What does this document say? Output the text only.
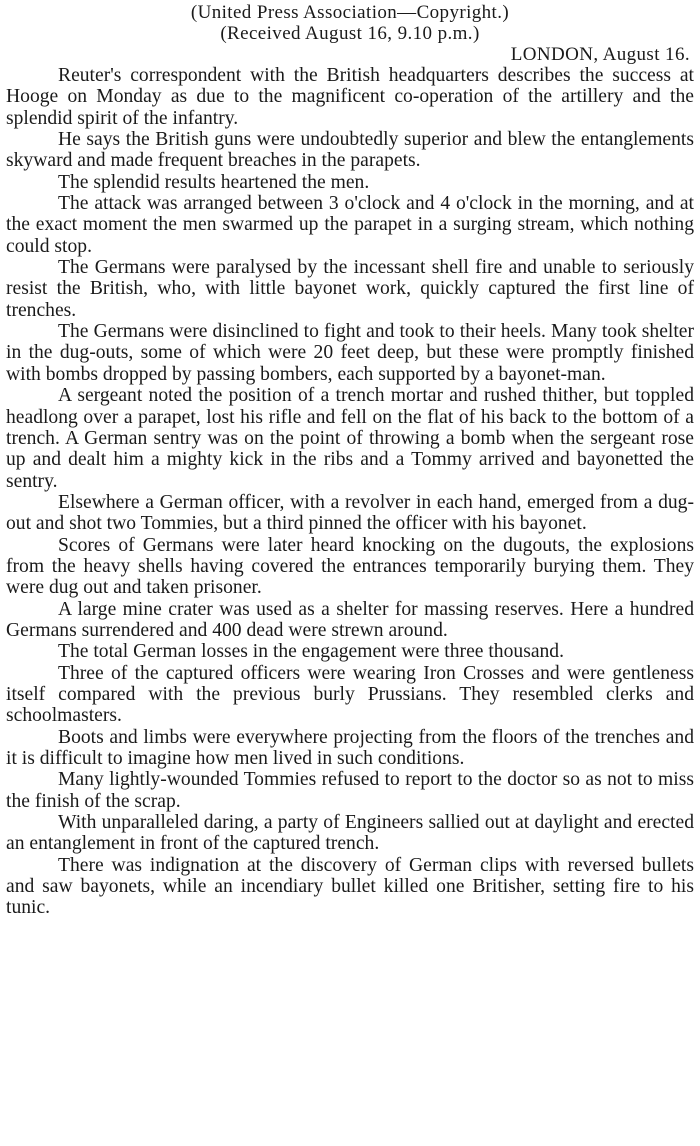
(United Press Association—Copyright.)

(Received August 16, 9.10 p.m.)

LONDON, August 16.

Reuter's correspondent with the British headquarters describes the success at Hooge on Monday as due to the magnificent co-operation of the artillery and the splendid spirit of the infantry.

He says the British guns were undoubtedly superior and blew the entanglements skyward and made frequent breaches in the parapets.

The splendid results heartened the men.

The attack was arranged between 3 o'clock and 4 o'clock in the morning, and at the exact moment the men swarmed up the parapet in a surging stream, which nothing could stop.

The Germans were paralysed by the incessant shell fire and unable to seriously resist the British, who, with little bayonet work, quickly captured the first line of trenches.

The Germans were disinclined to fight and took to their heels. Many took shelter in the dug-outs, some of which were 20 feet deep, but these were promptly finished with bombs dropped by passing bombers, each supported by a bayonet-man.

A sergeant noted the position of a trench mortar and rushed thither, but toppled headlong over a parapet, lost his rifle and fell on the flat of his back to the bottom of a trench. A German sentry was on the point of throwing a bomb when the sergeant rose up and dealt him a mighty kick in the ribs and a Tommy arrived and bayonetted the sentry.

Elsewhere a German officer, with a revolver in each hand, emerged from a dug-out and shot two Tommies, but a third pinned the officer with his bayonet.

Scores of Germans were later heard knocking on the dugouts, the explosions from the heavy shells having covered the entrances temporarily burying them. They were dug out and taken prisoner.

A large mine crater was used as a shelter for massing reserves. Here a hundred Germans surrendered and 400 dead were strewn around.

The total German losses in the engagement were three thousand.

Three of the captured officers were wearing Iron Crosses and were gentleness itself compared with the previous burly Prussians. They resembled clerks and schoolmasters.

Boots and limbs were everywhere projecting from the floors of the trenches and it is difficult to imagine how men lived in such conditions.

Many lightly-wounded Tommies refused to report to the doctor so as not to miss the finish of the scrap.

With unparalleled daring, a party of Engineers sallied out at daylight and erected an entanglement in front of the captured trench.

There was indignation at the discovery of German clips with reversed bullets and saw bayonets, while an incendiary bullet killed one Britisher, setting fire to his tunic.
